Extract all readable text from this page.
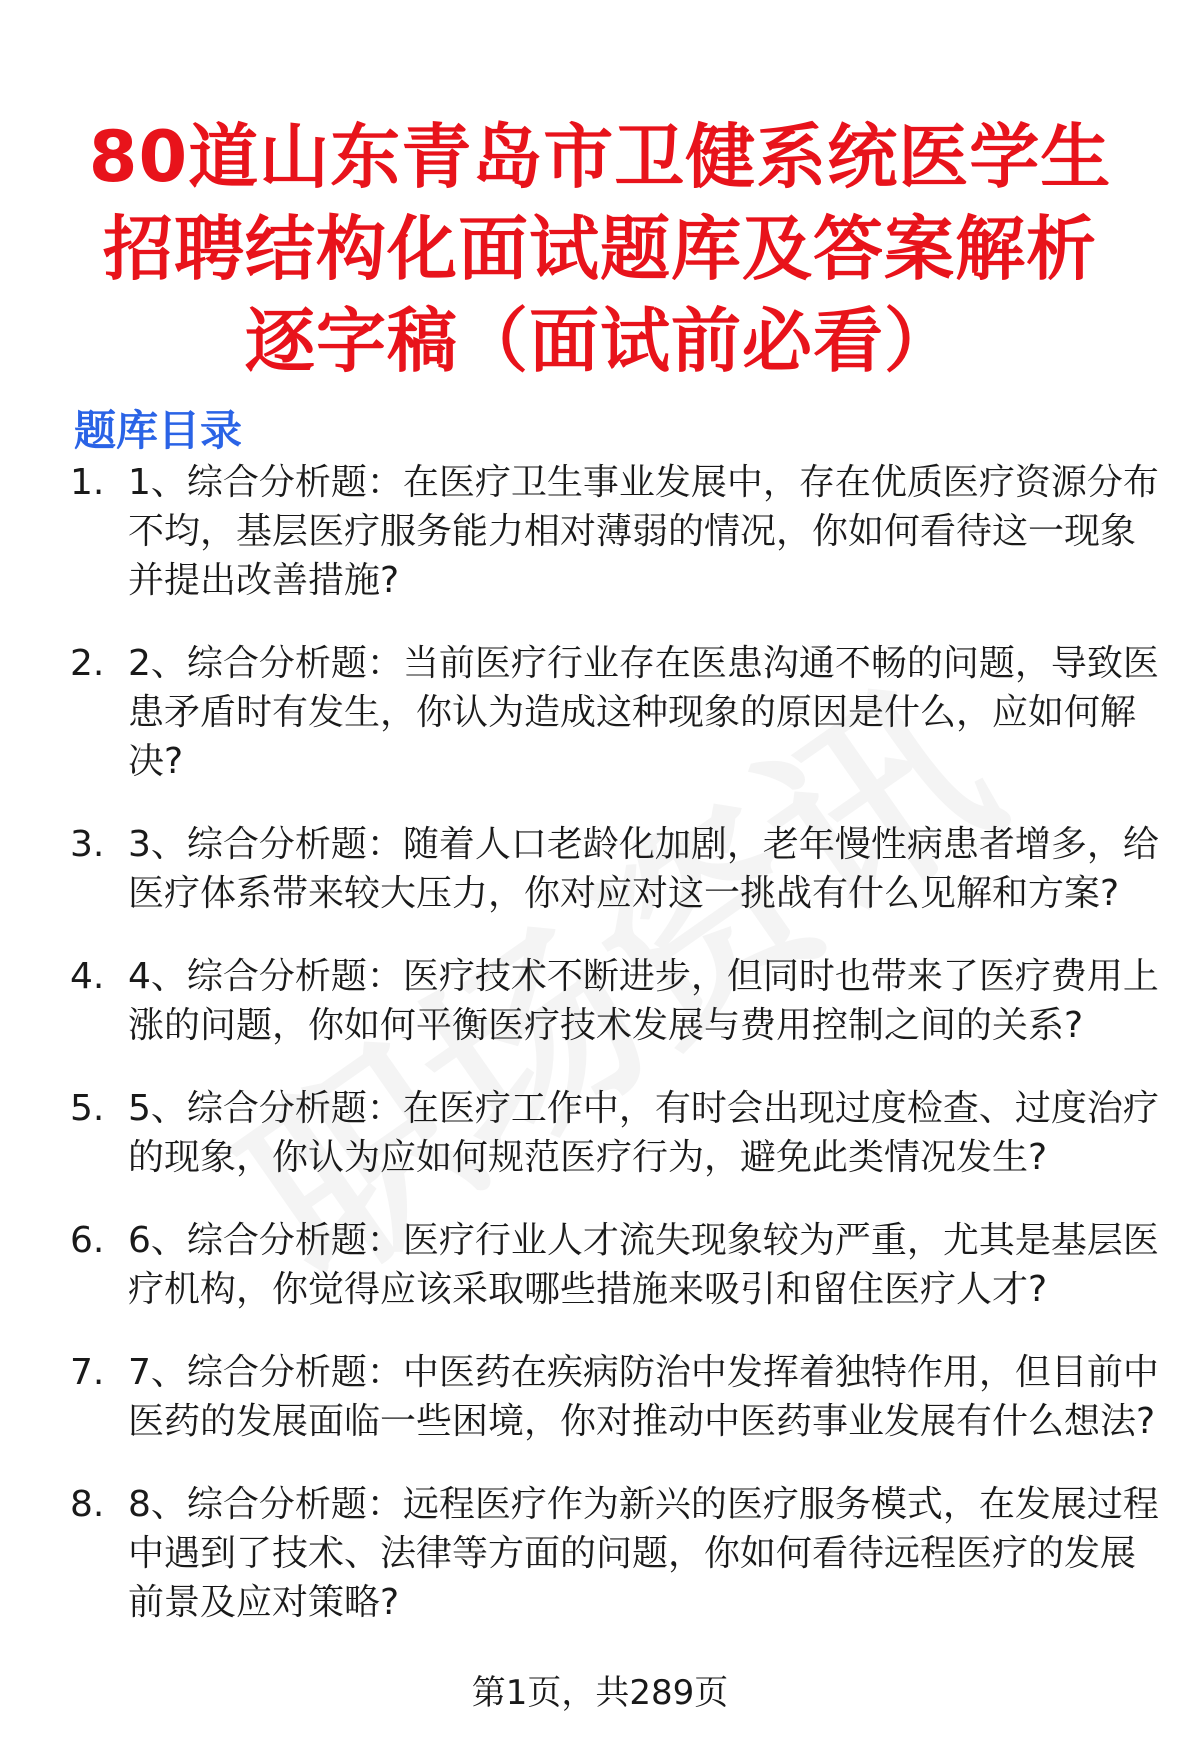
80道山东青岛市卫健系统医学生招聘结构化面试题库及答案解析逐字稿（面试前必看）
题库目录
1. 1、综合分析题：在医疗卫生事业发展中，存在优质医疗资源分布不均，基层医疗服务能力相对薄弱的情况，你如何看待这一现象并提出改善措施?
2. 2、综合分析题：当前医疗行业存在医患沟通不畅的问题，导致医患矛盾时有发生，你认为造成这种现象的原因是什么，应如何解决?
3. 3、综合分析题：随着人口老龄化加剧，老年慢性病患者增多，给医疗体系带来较大压力，你对应对这一挑战有什么见解和方案?
4. 4、综合分析题：医疗技术不断进步，但同时也带来了医疗费用上涨的问题，你如何平衡医疗技术发展与费用控制之间的关系?
5. 5、综合分析题：在医疗工作中，有时会出现过度检查、过度治疗的现象，你认为应如何规范医疗行为，避免此类情况发生?
6. 6、综合分析题：医疗行业人才流失现象较为严重，尤其是基层医疗机构，你觉得应该采取哪些措施来吸引和留住医疗人才?
7. 7、综合分析题：中医药在疾病防治中发挥着独特作用，但目前中医药的发展面临一些困境，你对推动中医药事业发展有什么想法?
8. 8、综合分析题：远程医疗作为新兴的医疗服务模式，在发展过程中遇到了技术、法律等方面的问题，你如何看待远程医疗的发展前景及应对策略?
第1页，共289页
